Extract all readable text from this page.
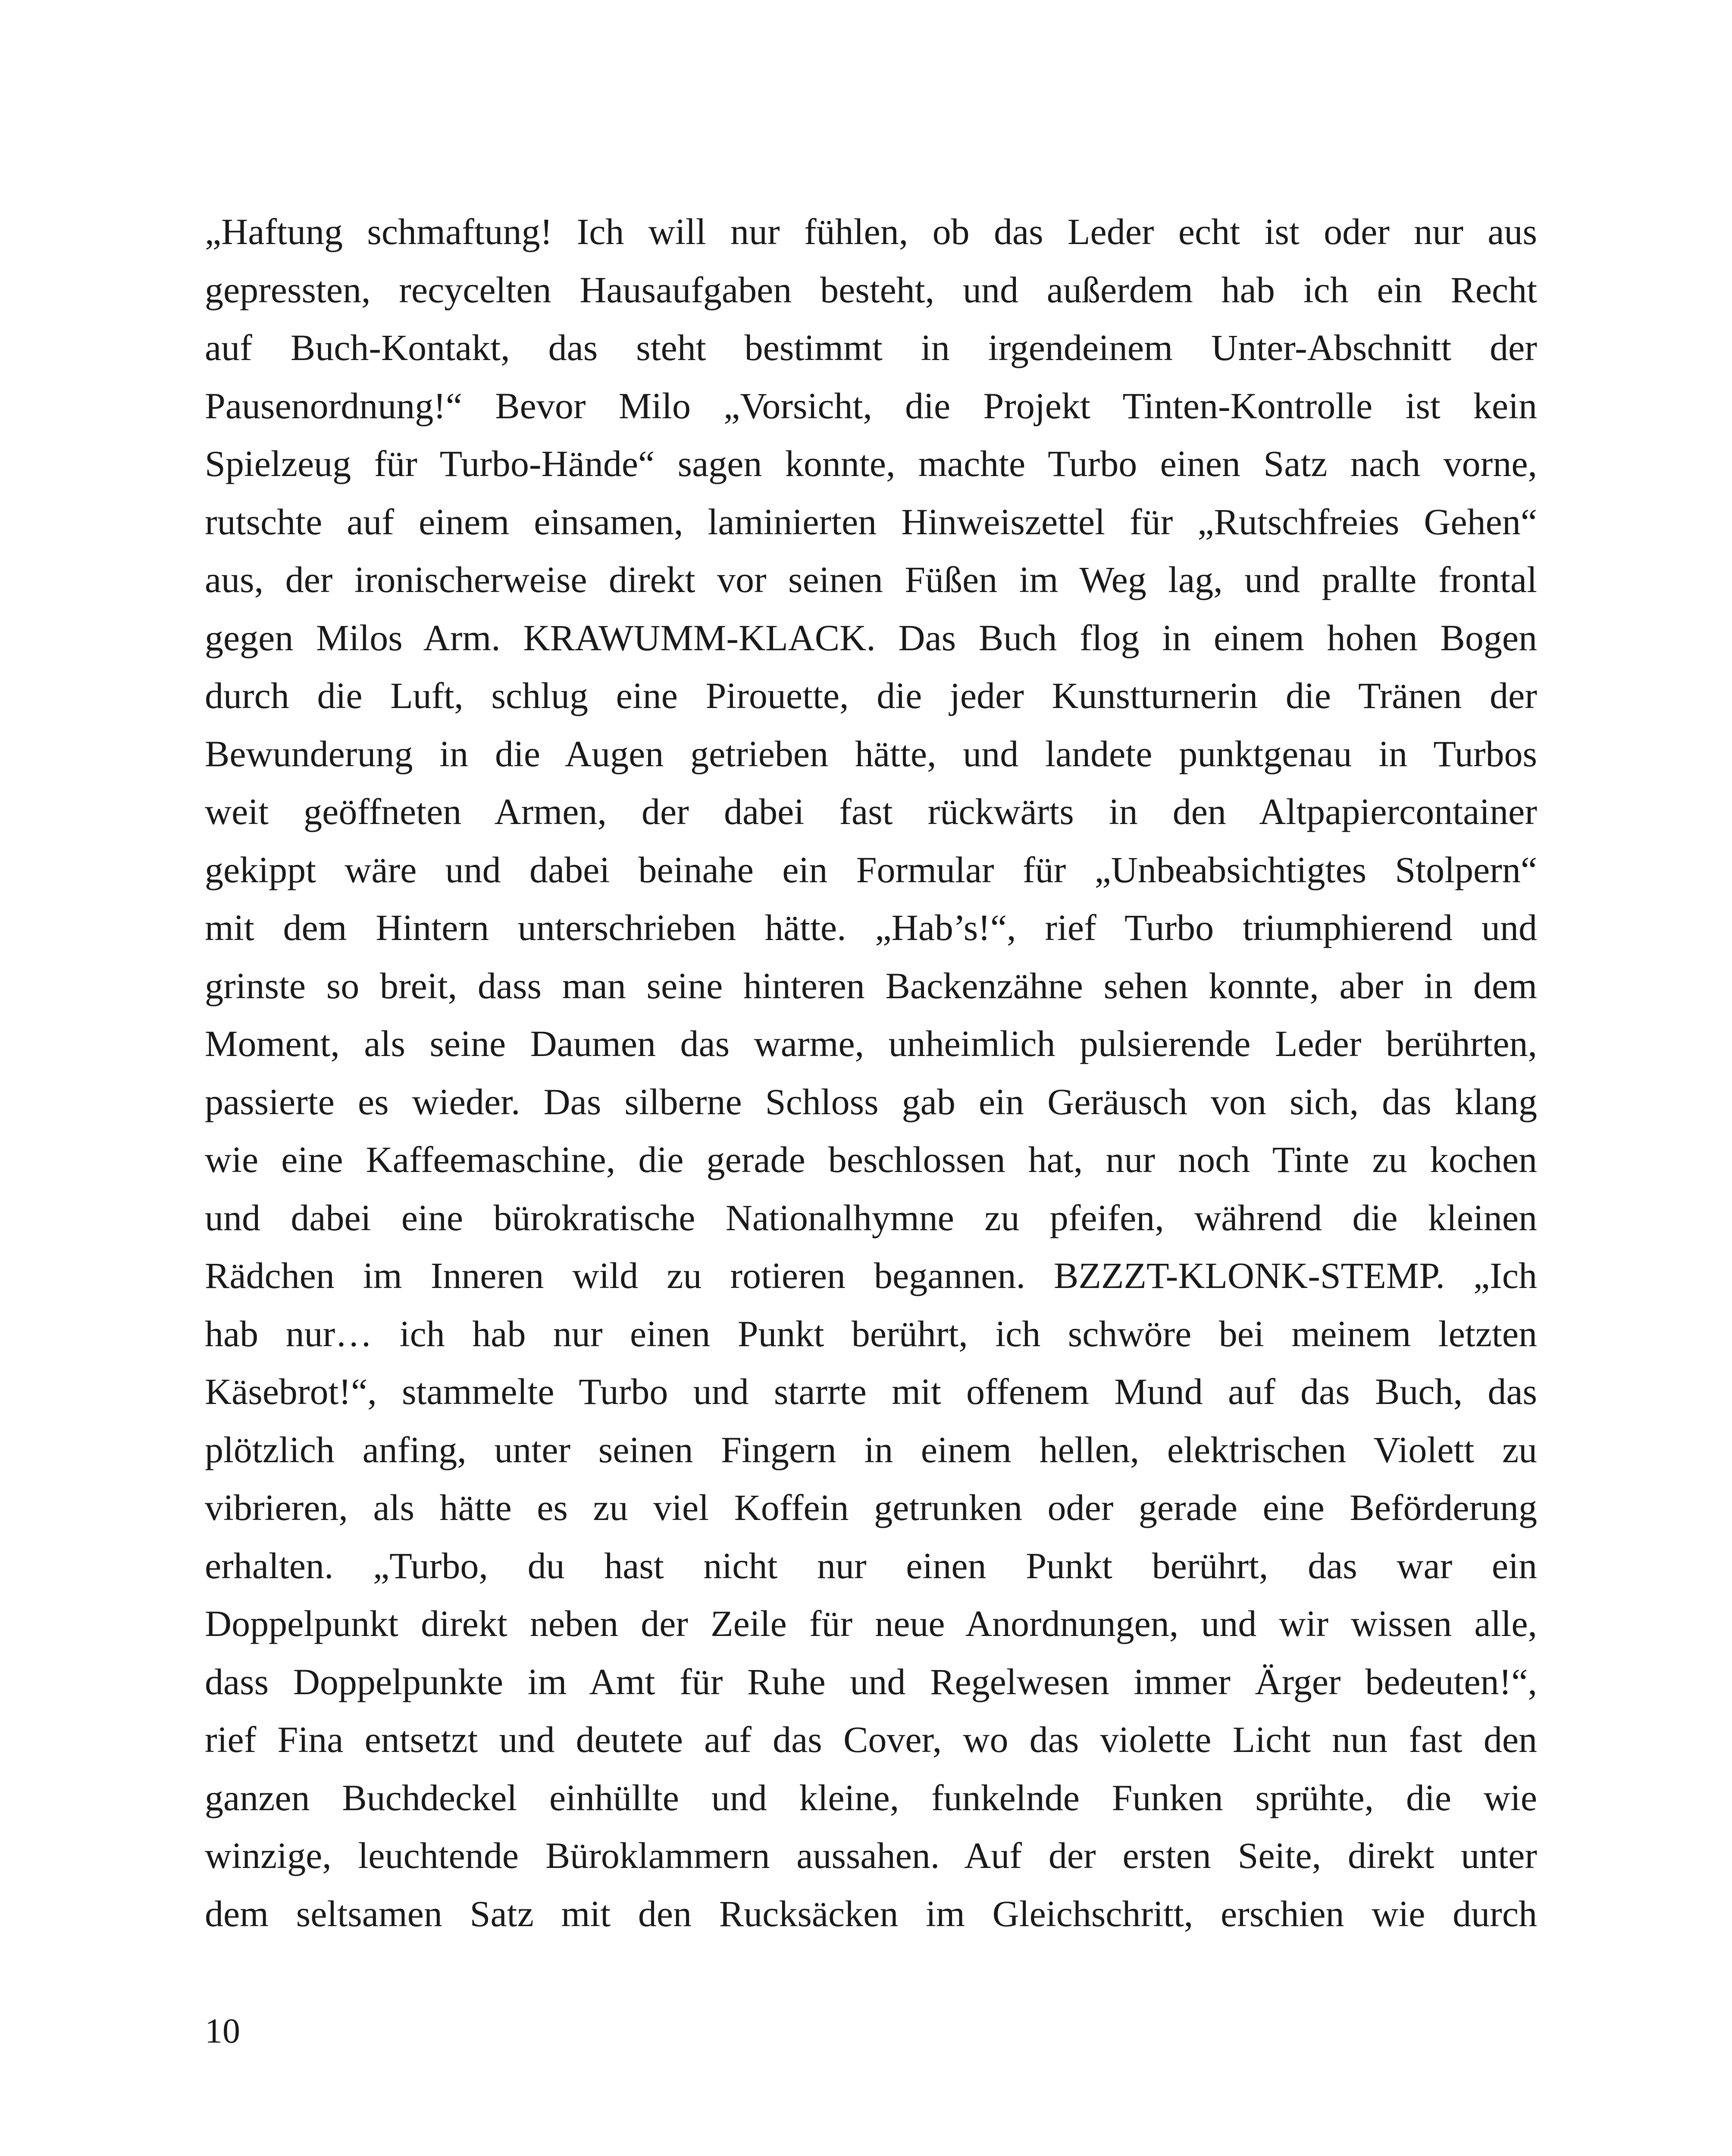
„Haftung schmaftung! Ich will nur fühlen, ob das Leder echt ist oder nur aus
gepressten, recycelten Hausaufgaben besteht, und außerdem hab ich ein Recht
auf Buch-Kontakt, das steht bestimmt in irgendeinem Unter-Abschnitt der
Pausenordnung!“ Bevor Milo „Vorsicht, die Projekt Tinten-Kontrolle ist kein
Spielzeug für Turbo-Hände“ sagen konnte, machte Turbo einen Satz nach vorne,
rutschte auf einem einsamen, laminierten Hinweiszettel für „Rutschfreies Gehen“
aus, der ironischerweise direkt vor seinen Füßen im Weg lag, und prallte frontal
gegen Milos Arm. KRAWUMM-KLACK. Das Buch flog in einem hohen Bogen
durch die Luft, schlug eine Pirouette, die jeder Kunstturnerin die Tränen der
Bewunderung in die Augen getrieben hätte, und landete punktgenau in Turbos
weit geöffneten Armen, der dabei fast rückwärts in den Altpapiercontainer
gekippt wäre und dabei beinahe ein Formular für „Unbeabsichtigtes Stolpern“
mit dem Hintern unterschrieben hätte. „Hab’s!“, rief Turbo triumphierend und
grinste so breit, dass man seine hinteren Backenzähne sehen konnte, aber in dem
Moment, als seine Daumen das warme, unheimlich pulsierende Leder berührten,
passierte es wieder. Das silberne Schloss gab ein Geräusch von sich, das klang
wie eine Kaffeemaschine, die gerade beschlossen hat, nur noch Tinte zu kochen
und dabei eine bürokratische Nationalhymne zu pfeifen, während die kleinen
Rädchen im Inneren wild zu rotieren begannen. BZZZT-KLONK-STEMP. „Ich
hab nur… ich hab nur einen Punkt berührt, ich schwöre bei meinem letzten
Käsebrot!“, stammelte Turbo und starrte mit offenem Mund auf das Buch, das
plötzlich anfing, unter seinen Fingern in einem hellen, elektrischen Violett zu
vibrieren, als hätte es zu viel Koffein getrunken oder gerade eine Beförderung
erhalten. „Turbo, du hast nicht nur einen Punkt berührt, das war ein
Doppelpunkt direkt neben der Zeile für neue Anordnungen, und wir wissen alle,
dass Doppelpunkte im Amt für Ruhe und Regelwesen immer Ärger bedeuten!“,
rief Fina entsetzt und deutete auf das Cover, wo das violette Licht nun fast den
ganzen Buchdeckel einhüllte und kleine, funkelnde Funken sprühte, die wie
winzige, leuchtende Büroklammern aussahen. Auf der ersten Seite, direkt unter
dem seltsamen Satz mit den Rucksäcken im Gleichschritt, erschien wie durch
10
